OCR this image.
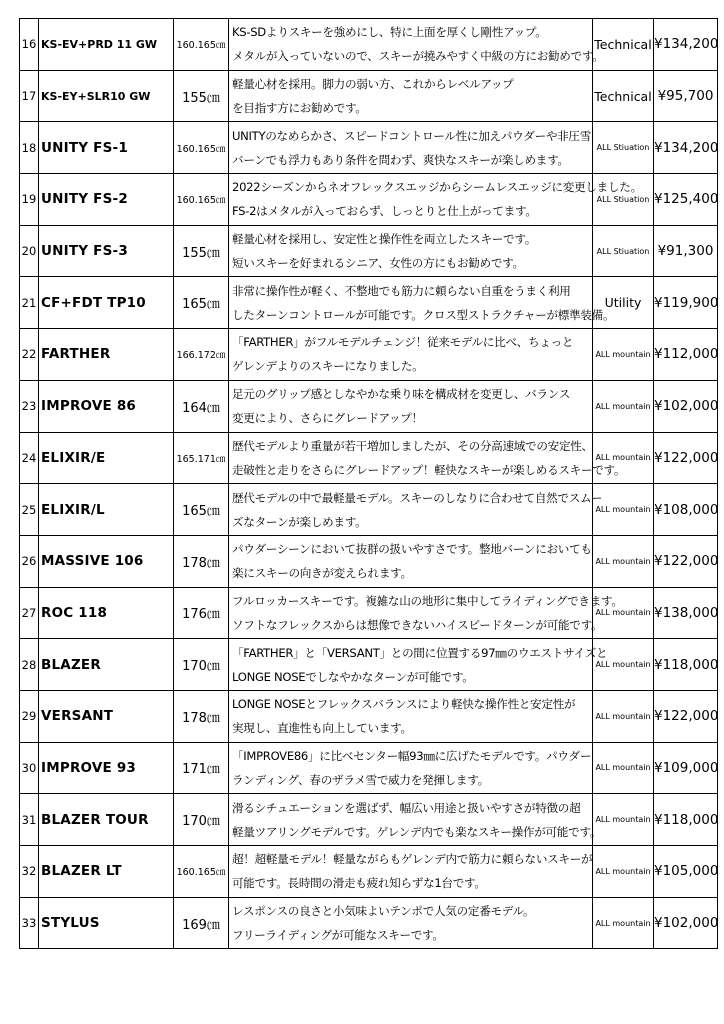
16	KS-EV+PRD 11 GW	160.165㎝	KS-SDよりスキーを強めにし、特に上面を厚くし剛性アップ。
メタルが入っていないので、スキーが撓みやすく中級の方にお勧めです。	Technical	¥134,200
17	KS-EY+SLR10 GW	155㎝	軽量心材を採用。脚力の弱い方、これからレベルアップ
を目指す方にお勧めです。	Technical	¥95,700
18	UNITY FS-1	160.165㎝	UNITYのなめらかさ、スピードコントロール性に加えパウダーや非圧雪
バーンでも浮力もあり条件を問わず、爽快なスキーが楽しめます。	ALL Stiuation	¥134,200
19	UNITY FS-2	160.165㎝	2022シーズンからネオフレックスエッジからシームレスエッジに変更しました。
FS-2はメタルが入っておらず、しっとりと仕上がってます。	ALL Stiuation	¥125,400
20	UNITY FS-3	155㎝	軽量心材を採用し、安定性と操作性を両立したスキーです。
短いスキーを好まれるシニア、女性の方にもお勧めです。	ALL Stiuation	¥91,300
21	CF+FDT TP10	165㎝	非常に操作性が軽く、不整地でも筋力に頼らない自重をうまく利用
したターンコントロールが可能です。クロス型ストラクチャーが標準装備。	Utility	¥119,900
22	FARTHER	166.172㎝	「FARTHER」がフルモデルチェンジ！従来モデルに比べ、ちょっと
ゲレンデよりのスキーになりました。	ALL mountain	¥112,000
23	IMPROVE 86	164㎝	足元のグリップ感としなやかな乗り味を構成材を変更し、バランス
変更により、さらにグレードアップ！	ALL mountain	¥102,000
24	ELIXIR/E	165.171㎝	歴代モデルより重量が若干増加しましたが、その分高速域での安定性、
走破性と走りをさらにグレードアップ！軽快なスキーが楽しめるスキーです。	ALL mountain	¥122,000
25	ELIXIR/L	165㎝	歴代モデルの中で最軽量モデル。スキーのしなりに合わせて自然でスムー
ズなターンが楽しめます。	ALL mountain	¥108,000
26	MASSIVE 106	178㎝	パウダーシーンにおいて抜群の扱いやすさです。整地バーンにおいても
楽にスキーの向きが変えられます。	ALL mountain	¥122,000
27	ROC 118	176㎝	フルロッカースキーです。複雑な山の地形に集中してライディングできます。
ソフトなフレックスからは想像できないハイスピードターンが可能です。	ALL mountain	¥138,000
28	BLAZER	170㎝	「FARTHER」と「VERSANT」との間に位置する97㎜のウエストサイズと
LONGE NOSEでしなやかなターンが可能です。	ALL mountain	¥118,000
29	VERSANT	178㎝	LONGE NOSEとフレックスバランスにより軽快な操作性と安定性が
実現し、直進性も向上しています。	ALL mountain	¥122,000
30	IMPROVE 93	171㎝	「IMPROVE86」に比べセンター幅93㎜に広げたモデルです。パウダー
ランディング、春のザラメ雪で威力を発揮します。	ALL mountain	¥109,000
31	BLAZER TOUR	170㎝	滑るシチュエーションを選ばず、幅広い用途と扱いやすさが特徴の超
軽量ツアリングモデルです。ゲレンデ内でも楽なスキー操作が可能です。	ALL mountain	¥118,000
32	BLAZER LT	160.165㎝	超！超軽量モデル！軽量ながらもゲレンデ内で筋力に頼らないスキーが
可能です。長時間の滑走も疲れ知らずな1台です。	ALL mountain	¥105,000
33	STYLUS	169㎝	レスポンスの良さと小気味よいテンポで人気の定番モデル。
フリーライディングが可能なスキーです。	ALL mountain	¥102,000
